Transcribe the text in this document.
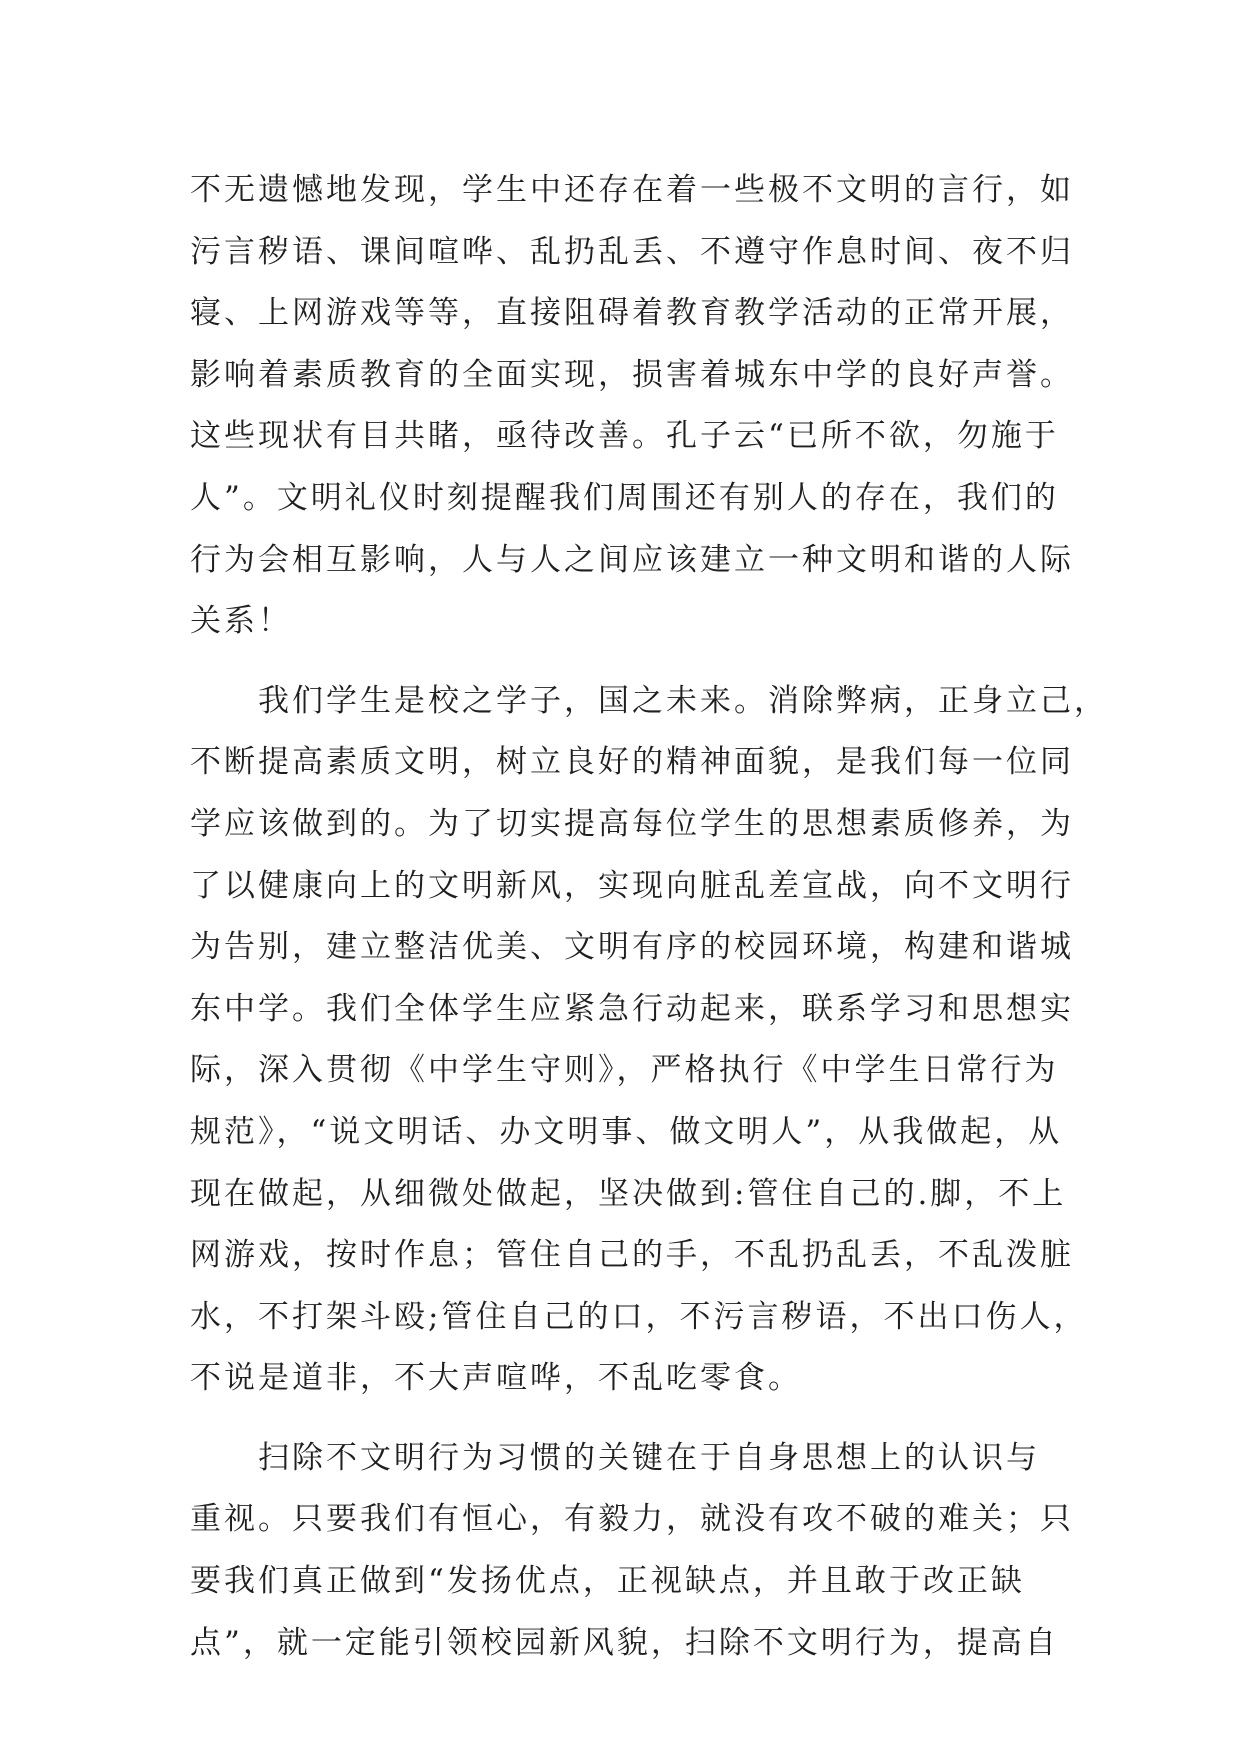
不无遗憾地发现，学生中还存在着一些极不文明的言行，如
污言秽语、课间喧哗、乱扔乱丢、不遵守作息时间、夜不归
寝、上网游戏等等，直接阻碍着教育教学活动的正常开展，
影响着素质教育的全面实现，损害着城东中学的良好声誉。
这些现状有目共睹，亟待改善。孔子云“已所不欲，勿施于
人”。文明礼仪时刻提醒我们周围还有别人的存在，我们的
行为会相互影响，人与人之间应该建立一种文明和谐的人际
关系！
　　我们学生是校之学子，国之未来。消除弊病，正身立己，
不断提高素质文明，树立良好的精神面貌，是我们每一位同
学应该做到的。为了切实提高每位学生的思想素质修养，为
了以健康向上的文明新风，实现向脏乱差宣战，向不文明行
为告别，建立整洁优美、文明有序的校园环境，构建和谐城
东中学。我们全体学生应紧急行动起来，联系学习和思想实
际，深入贯彻《中学生守则》，严格执行《中学生日常行为
规范》，“说文明话、办文明事、做文明人”，从我做起，从
现在做起，从细微处做起，坚决做到:管住自己的.脚，不上
网游戏，按时作息；管住自己的手，不乱扔乱丢，不乱泼脏
水，不打架斗殴;管住自己的口，不污言秽语，不出口伤人，
不说是道非，不大声喧哗，不乱吃零食。
　　扫除不文明行为习惯的关键在于自身思想上的认识与
重视。只要我们有恒心，有毅力，就没有攻不破的难关；只
要我们真正做到“发扬优点，正视缺点，并且敢于改正缺
点”，就一定能引领校园新风貌，扫除不文明行为，提高自
